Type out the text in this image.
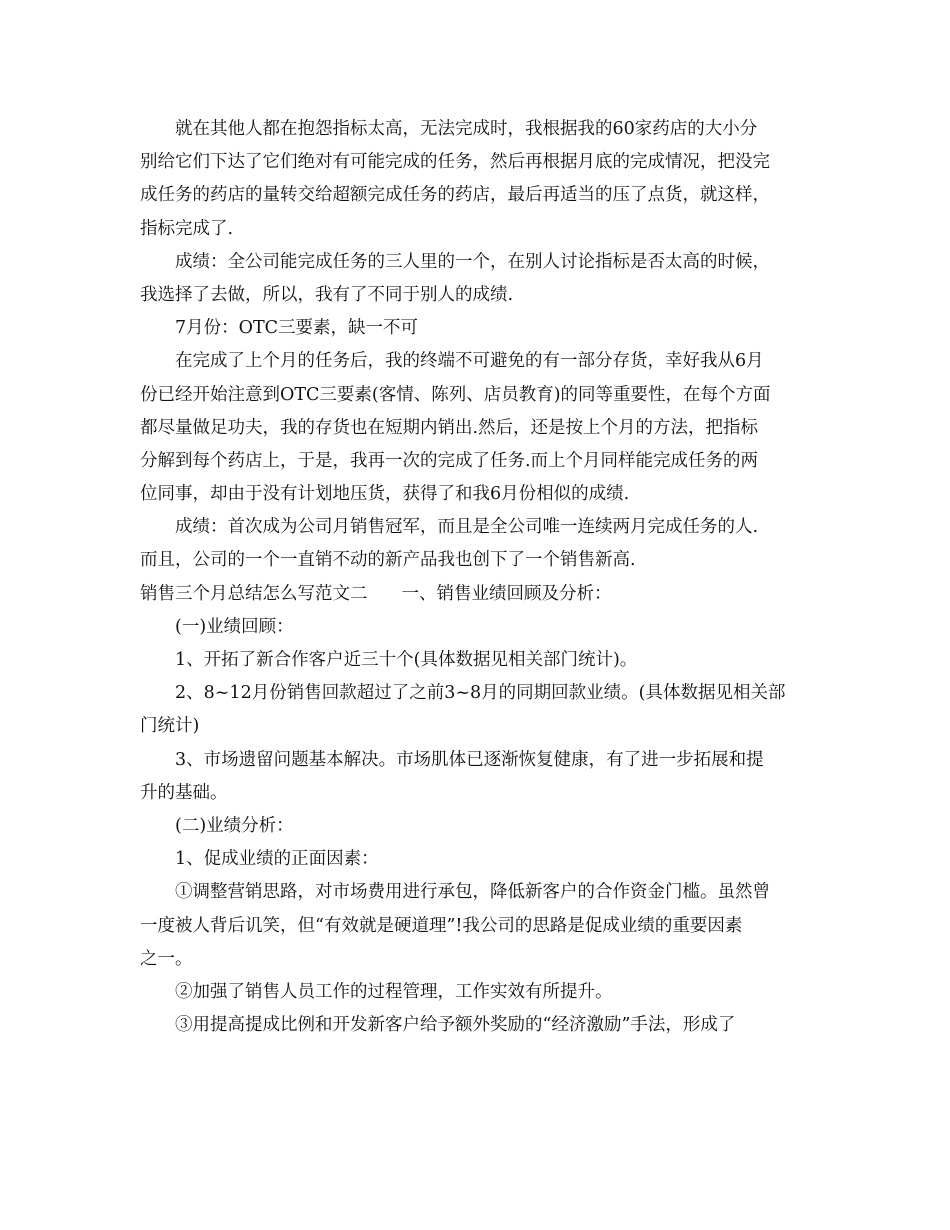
就在其他人都在抱怨指标太高，无法完成时，我根据我的60家药店的大小分
别给它们下达了它们绝对有可能完成的任务，然后再根据月底的完成情况，把没完
成任务的药店的量转交给超额完成任务的药店，最后再适当的压了点货，就这样，
指标完成了.
成绩：全公司能完成任务的三人里的一个，在别人讨论指标是否太高的时候，
我选择了去做，所以，我有了不同于别人的成绩.
7月份：OTC三要素，缺一不可
在完成了上个月的任务后，我的终端不可避免的有一部分存货，幸好我从6月
份已经开始注意到OTC三要素(客情、陈列、店员教育)的同等重要性，在每个方面
都尽量做足功夫，我的存货也在短期内销出.然后，还是按上个月的方法，把指标
分解到每个药店上，于是，我再一次的完成了任务.而上个月同样能完成任务的两
位同事，却由于没有计划地压货，获得了和我6月份相似的成绩.
成绩：首次成为公司月销售冠军，而且是全公司唯一连续两月完成任务的人.
而且，公司的一个一直销不动的新产品我也创下了一个销售新高.
销售三个月总结怎么写范文二 一、销售业绩回顾及分析：
(一)业绩回顾：
1、开拓了新合作客户近三十个(具体数据见相关部门统计)。
2、8~12月份销售回款超过了之前3~8月的同期回款业绩。(具体数据见相关部
门统计)
3、市场遗留问题基本解决。市场肌体已逐渐恢复健康，有了进一步拓展和提
升的基础。
(二)业绩分析：
1、促成业绩的正面因素：
①调整营销思路，对市场费用进行承包，降低新客户的合作资金门槛。虽然曾
一度被人背后讥笑，但“有效就是硬道理”!我公司的思路是促成业绩的重要因素
之一。
②加强了销售人员工作的过程管理，工作实效有所提升。
③用提高提成比例和开发新客户给予额外奖励的“经济激励”手法，形成了
